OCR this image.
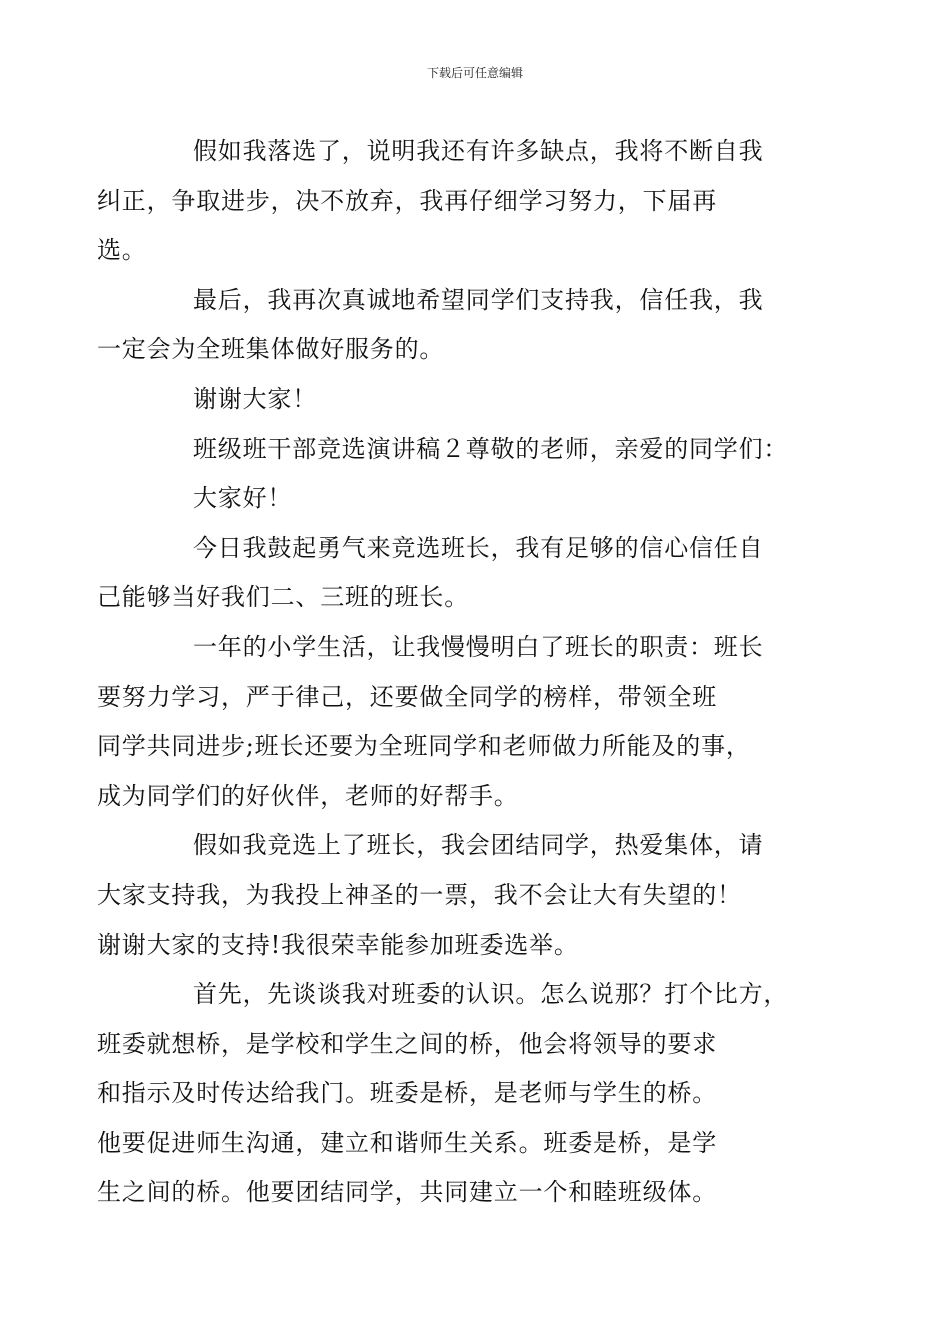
下载后可任意编辑

假如我落选了，说明我还有许多缺点，我将不断自我
纠正，争取进步，决不放弃，我再仔细学习努力，下届再
选。

最后，我再次真诚地希望同学们支持我，信任我，我
一定会为全班集体做好服务的。

谢谢大家！

班级班干部竞选演讲稿２尊敬的老师，亲爱的同学们：

大家好！

今日我鼓起勇气来竞选班长，我有足够的信心信任自
己能够当好我们二、三班的班长。

一年的小学生活，让我慢慢明白了班长的职责：班长
要努力学习，严于律己，还要做全同学的榜样，带领全班
同学共同进步;班长还要为全班同学和老师做力所能及的事，
成为同学们的好伙伴，老师的好帮手。

假如我竞选上了班长，我会团结同学，热爱集体，请
大家支持我，为我投上神圣的一票，我不会让大有失望的！
谢谢大家的支持!我很荣幸能参加班委选举。

首先，先谈谈我对班委的认识。怎么说那？打个比方，
班委就想桥，是学校和学生之间的桥，他会将领导的要求
和指示及时传达给我门。班委是桥，是老师与学生的桥。
他要促进师生沟通，建立和谐师生关系。班委是桥，是学
生之间的桥。他要团结同学，共同建立一个和睦班级体。
